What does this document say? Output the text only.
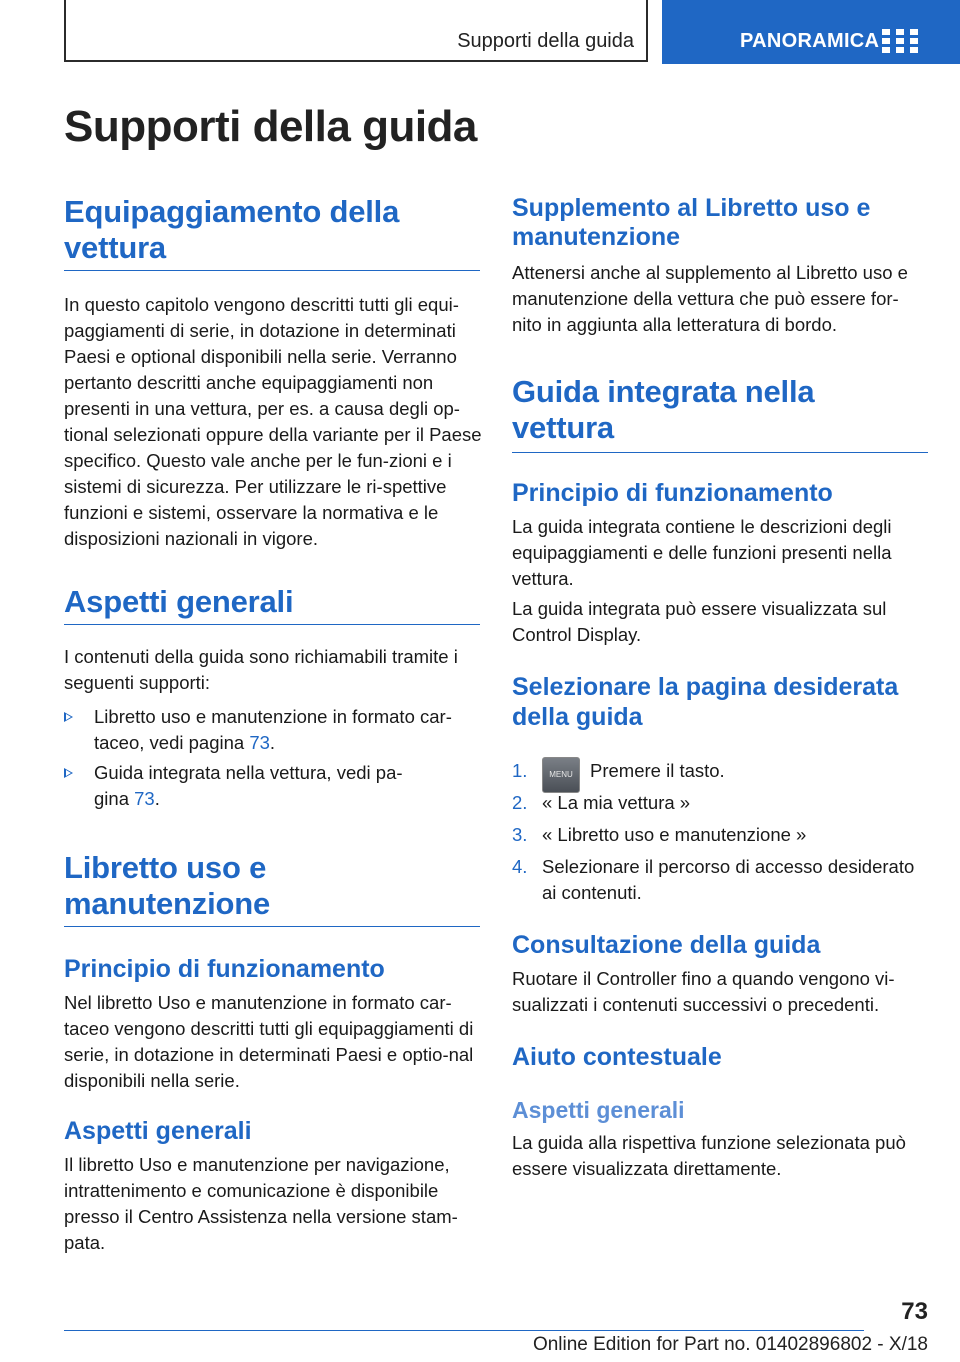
Supporti della guida	PANORAMICA
Supporti della guida
Equipaggiamento della vettura

In questo capitolo vengono descritti tutti gli equi-paggiamenti di serie, in dotazione in determinati Paesi e optional disponibili nella serie. Verranno pertanto descritti anche equipaggiamenti non presenti in una vettura, per es. a causa degli op-tional selezionati oppure della variante per il Paese specifico. Questo vale anche per le fun-zioni e i sistemi di sicurezza. Per utilizzare le ri-spettive funzioni e sistemi, osservare la normativa e le disposizioni nazionali in vigore.

Aspetti generali

I contenuti della guida sono richiamabili tramite i seguenti supporti:

Libretto uso e manutenzione in formato car-taceo, vedi pagina 73.
Guida integrata nella vettura, vedi pa-gina 73.
Libretto uso e manutenzione
Principio di funzionamento

Nel libretto Uso e manutenzione in formato car-taceo vengono descritti tutti gli equipaggiamenti di serie, in dotazione in determinati Paesi e optio-nal disponibili nella serie.

Aspetti generali

Il libretto Uso e manutenzione per navigazione, intrattenimento e comunicazione è disponibile presso il Centro Assistenza nella versione stam-pata.

Supplemento al Libretto uso e manutenzione

Attenersi anche al supplemento al Libretto uso e manutenzione della vettura che può essere for-nito in aggiunta alla letteratura di bordo.

Guida integrata nella vettura
Principio di funzionamento

La guida integrata contiene le descrizioni degli equipaggiamenti e delle funzioni presenti nella vettura.

La guida integrata può essere visualizzata sul Control Display.

Selezionare la pagina desiderata della guida
1.	MENU Premere il tasto.
2. « La mia vettura »
3. « Libretto uso e manutenzione »
4. Selezionare il percorso di accesso desiderato ai contenuti.
Consultazione della guida

Ruotare il Controller fino a quando vengono vi-sualizzati i contenuti successivi o precedenti.

Aiuto contestuale
Aspetti generali

La guida alla rispettiva funzione selezionata può essere visualizzata direttamente.

73
Online Edition for Part no. 01402896802 - X/18
